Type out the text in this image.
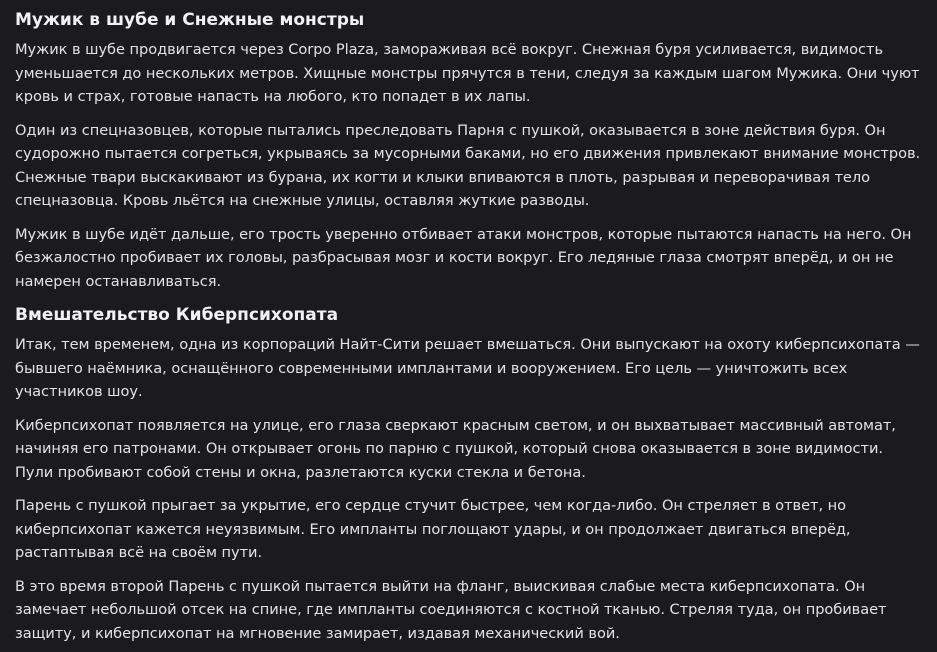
Мужик в шубе и Снежные монстры

Мужик в шубе продвигается через Corpo Plaza, замораживая всё вокруг. Снежная буря усиливается, видимость уменьшается до нескольких метров. Хищные монстры прячутся в тени, следуя за каждым шагом Мужика. Они чуют кровь и страх, готовые напасть на любого, кто попадет в их лапы.

Один из спецназовцев, которые пытались преследовать Парня с пушкой, оказывается в зоне действия буря. Он судорожно пытается согреться, укрываясь за мусорными баками, но его движения привлекают внимание монстров. Снежные твари выскакивают из бурана, их когти и клыки впиваются в плоть, разрывая и переворачивая тело спецназовца. Кровь льётся на снежные улицы, оставляя жуткие разводы.

Мужик в шубе идёт дальше, его трость уверенно отбивает атаки монстров, которые пытаются напасть на него. Он безжалостно пробивает их головы, разбрасывая мозг и кости вокруг. Его ледяные глаза смотрят вперёд, и он не намерен останавливаться.

Вмешательство Киберпсихопата

Итак, тем временем, одна из корпораций Найт-Сити решает вмешаться. Они выпускают на охоту киберпсихопата — бывшего наёмника, оснащённого современными имплантами и вооружением. Его цель — уничтожить всех участников шоу.

Киберпсихопат появляется на улице, его глаза сверкают красным светом, и он выхватывает массивный автомат, начиняя его патронами. Он открывает огонь по парню с пушкой, который снова оказывается в зоне видимости. Пули пробивают собой стены и окна, разлетаются куски стекла и бетона.

Парень с пушкой прыгает за укрытие, его сердце стучит быстрее, чем когда-либо. Он стреляет в ответ, но киберпсихопат кажется неуязвимым. Его импланты поглощают удары, и он продолжает двигаться вперёд, растаптывая всё на своём пути.

В это время второй Парень с пушкой пытается выйти на фланг, выискивая слабые места киберпсихопата. Он замечает небольшой отсек на спине, где импланты соединяются с костной тканью. Стреляя туда, он пробивает защиту, и киберпсихопат на мгновение замирает, издавая механический вой.
